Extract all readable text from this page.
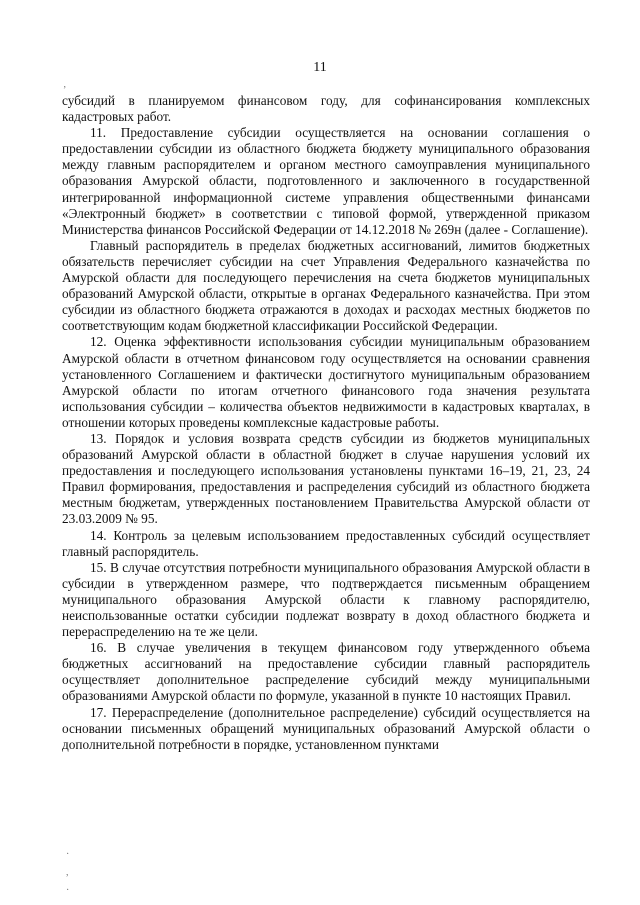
11
‚

субсидий в планируемом финансовом году, для софинансирования комплексных кадастровых работ.

11. Предоставление субсидии осуществляется на основании соглашения о предоставлении субсидии из областного бюджета бюджету муниципального образования между главным распорядителем и органом местного самоуправления муниципального образования Амурской области, подготовленного и заключенного в государственной интегрированной информационной системе управления общественными финансами «Электронный бюджет» в соответствии с типовой формой, утвержденной приказом Министерства финансов Российской Федерации от 14.12.2018 № 269н (далее - Соглашение).

Главный распорядитель в пределах бюджетных ассигнований, лимитов бюджетных обязательств перечисляет субсидии на счет Управления Федерального казначейства по Амурской области для последующего перечисления на счета бюджетов муниципальных образований Амурской области, открытые в органах Федерального казначейства. При этом субсидии из областного бюджета отражаются в доходах и расходах местных бюджетов по соответствующим кодам бюджетной классификации Российской Федерации.

12. Оценка эффективности использования субсидии муниципальным образованием Амурской области в отчетном финансовом году осуществляется на основании сравнения установленного Соглашением и фактически достигнутого муниципальным образованием Амурской области по итогам отчетного финансового года значения результата использования субсидии – количества объектов недвижимости в кадастровых кварталах, в отношении которых проведены комплексные кадастровые работы.

13. Порядок и условия возврата средств субсидии из бюджетов муниципальных образований Амурской области в областной бюджет в случае нарушения условий их предоставления и последующего использования установлены пунктами 16–19, 21, 23, 24 Правил формирования, предоставления и распределения субсидий из областного бюджета местным бюджетам, утвержденных постановлением Правительства Амурской области от 23.03.2009 № 95.

14. Контроль за целевым использованием предоставленных субсидий осуществляет главный распорядитель.

15. В случае отсутствия потребности муниципального образования Амурской области в субсидии в утвержденном размере, что подтверждается письменным обращением муниципального образования Амурской области к главному распорядителю, неиспользованные остатки субсидии подлежат возврату в доход областного бюджета и перераспределению на те же цели.

16. В случае увеличения в текущем финансовом году утвержденного объема бюджетных ассигнований на предоставление субсидии главный распорядитель осуществляет дополнительное распределение субсидий между муниципальными образованиями Амурской области по формуле, указанной в пункте 10 настоящих Правил.

17. Перераспределение (дополнительное распределение) субсидий осуществляется на основании письменных обращений муниципальных образований Амурской области о дополнительной потребности в порядке, установленном пунктами

·
,
·
